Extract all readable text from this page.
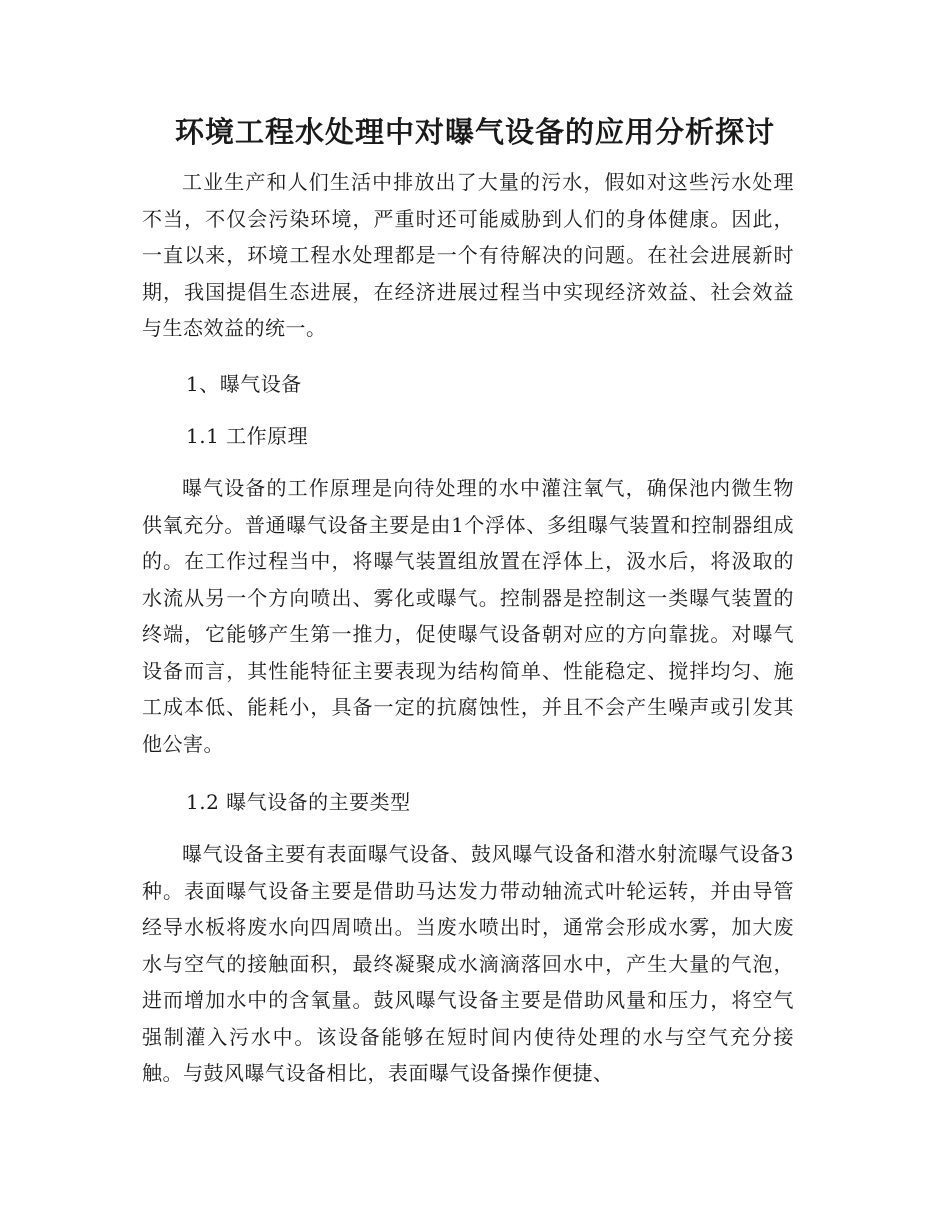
环境工程水处理中对曝气设备的应用分析探讨

工业生产和人们生活中排放出了大量的污水，假如对这些污水处理不当，不仅会污染环境，严重时还可能威胁到人们的身体健康。因此，一直以来，环境工程水处理都是一个有待解决的问题。在社会进展新时期，我国提倡生态进展，在经济进展过程当中实现经济效益、社会效益与生态效益的统一。

1、曝气设备

1.1 工作原理

曝气设备的工作原理是向待处理的水中灌注氧气，确保池内微生物供氧充分。普通曝气设备主要是由1个浮体、多组曝气装置和控制器组成的。在工作过程当中，将曝气装置组放置在浮体上，汲水后，将汲取的水流从另一个方向喷出、雾化或曝气。控制器是控制这一类曝气装置的终端，它能够产生第一推力，促使曝气设备朝对应的方向靠拢。对曝气设备而言，其性能特征主要表现为结构简单、性能稳定、搅拌均匀、施工成本低、能耗小，具备一定的抗腐蚀性，并且不会产生噪声或引发其他公害。

1.2 曝气设备的主要类型

曝气设备主要有表面曝气设备、鼓风曝气设备和潜水射流曝气设备3种。表面曝气设备主要是借助马达发力带动轴流式叶轮运转，并由导管经导水板将废水向四周喷出。当废水喷出时，通常会形成水雾，加大废水与空气的接触面积，最终凝聚成水滴滴落回水中，产生大量的气泡，进而增加水中的含氧量。鼓风曝气设备主要是借助风量和压力，将空气强制灌入污水中。该设备能够在短时间内使待处理的水与空气充分接触。与鼓风曝气设备相比，表面曝气设备操作便捷、
